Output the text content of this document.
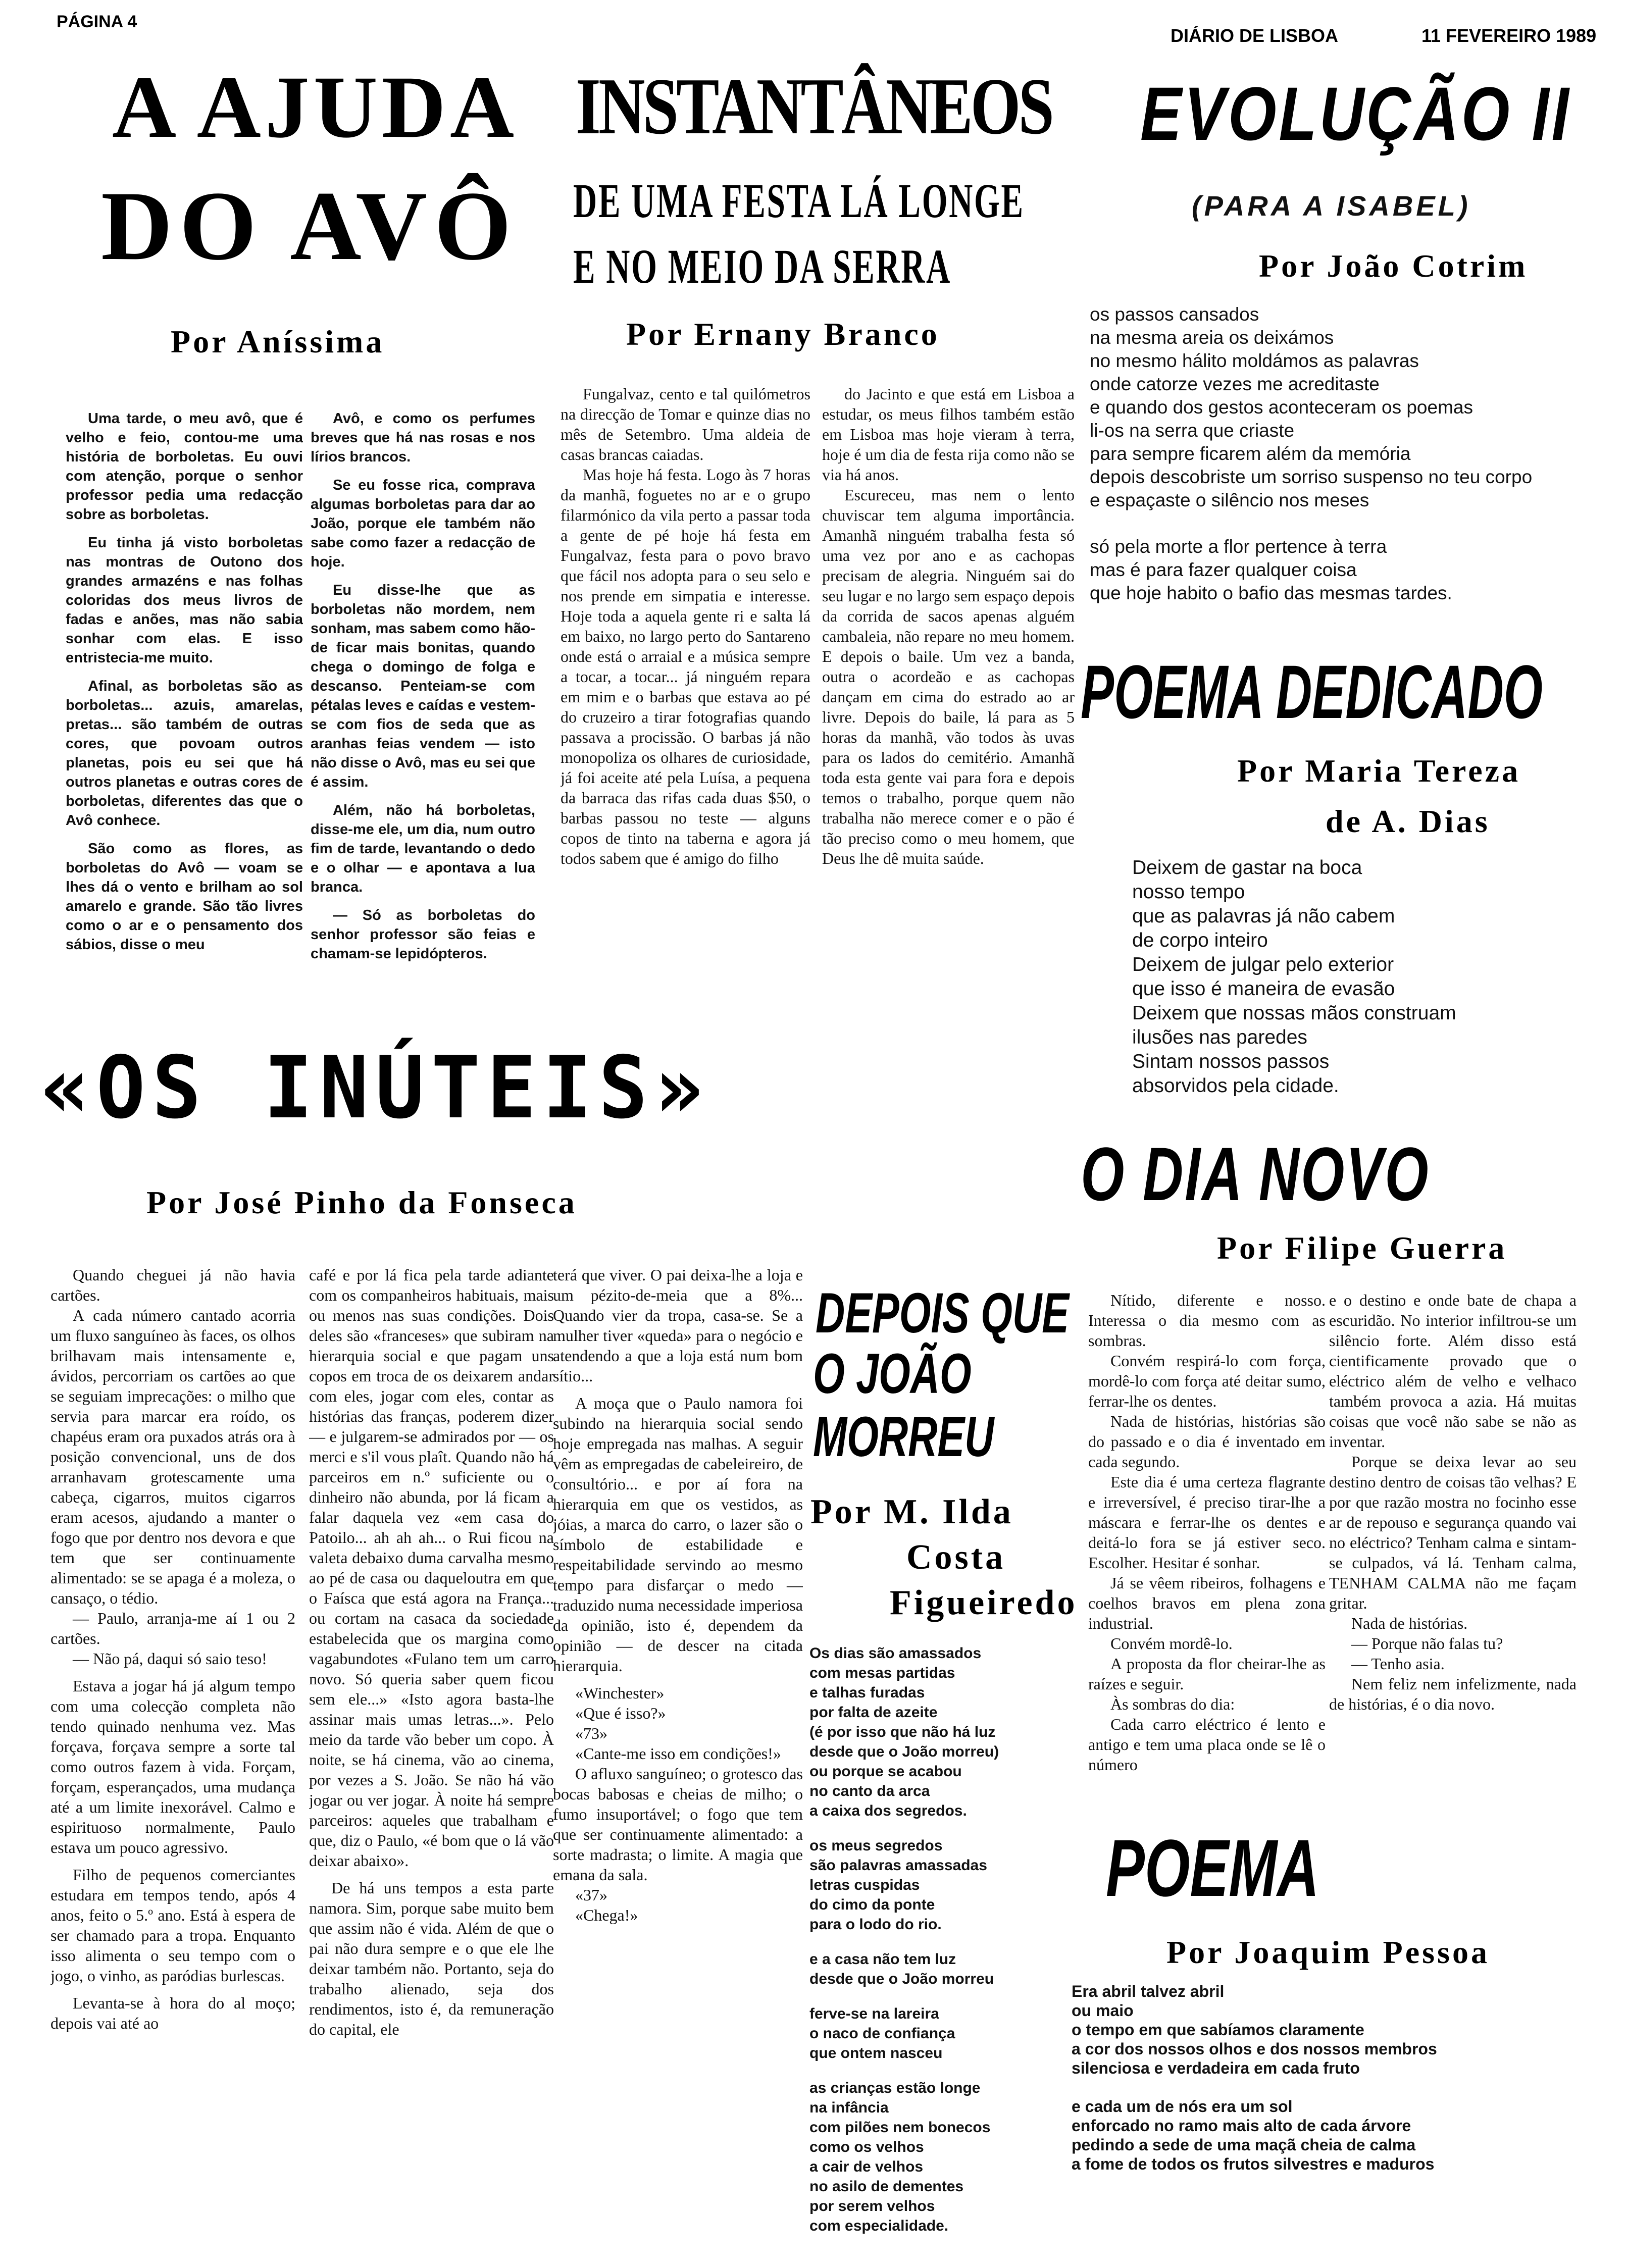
PÁGINA 4
DIÁRIO DE LISBOA	11 FEVEREIRO 1989
A AJUDA
DO AVÔ
Por Aníssima

Uma tarde, o meu avô, que é velho e feio, contou-me uma história de borboletas. Eu ouvi com atenção, porque o senhor professor pedia uma redacção sobre as borboletas.

Eu tinha já visto borboletas nas montras de Outono dos grandes armazéns e nas folhas coloridas dos meus livros de fadas e anões, mas não sabia sonhar com elas. E isso entristecia-me muito.

Afinal, as borboletas são as borboletas... azuis, amarelas, pretas... são também de outras cores, que povoam outros planetas, pois eu sei que há outros planetas e outras cores de borboletas, diferentes das que o Avô conhece.

São como as flores, as borboletas do Avô — voam se lhes dá o vento e brilham ao sol amarelo e grande. São tão livres como o ar e o pensamento dos sábios, disse o meu

Avô, e como os perfumes breves que há nas rosas e nos lírios brancos.

Se eu fosse rica, comprava algumas borboletas para dar ao João, porque ele também não sabe como fazer a redacção de hoje.

Eu disse-lhe que as borboletas não mordem, nem sonham, mas sabem como hão-de ficar mais bonitas, quando chega o domingo de folga e descanso. Penteiam-se com pétalas leves e caídas e vestem-se com fios de seda que as aranhas feias vendem — isto não disse o Avô, mas eu sei que é assim.

Além, não há borboletas, disse-me ele, um dia, num outro fim de tarde, levantando o dedo e o olhar — e apontava a lua branca.

— Só as borboletas do senhor professor são feias e chamam-se lepidópteros.

INSTANTÂNEOS
DE UMA FESTA LÁ LONGE
E NO MEIO DA SERRA
Por Ernany Branco

Fungalvaz, cento e tal quilómetros na direcção de Tomar e quinze dias no mês de Setembro. Uma aldeia de casas brancas caiadas.

Mas hoje há festa. Logo às 7 horas da manhã, foguetes no ar e o grupo filarmónico da vila perto a passar toda a gente de pé hoje há festa em Fungalvaz, festa para o povo bravo que fácil nos adopta para o seu selo e nos prende em simpatia e interesse. Hoje toda a aquela gente ri e salta lá em baixo, no largo perto do Santareno onde está o arraial e a música sempre a tocar, a tocar... já ninguém repara em mim e o barbas que estava ao pé do cruzeiro a tirar fotografias quando passava a procissão. O barbas já não monopoliza os olhares de curiosidade, já foi aceite até pela Luísa, a pequena da barraca das rifas cada duas $50, o barbas passou no teste — alguns copos de tinto na taberna e agora já todos sabem que é amigo do filho

do Jacinto e que está em Lisboa a estudar, os meus filhos também estão em Lisboa mas hoje vieram à terra, hoje é um dia de festa rija como não se via há anos.

Escureceu, mas nem o lento chuviscar tem alguma importância. Amanhã ninguém trabalha festa só uma vez por ano e as cachopas precisam de alegria. Ninguém sai do seu lugar e no largo sem espaço depois da corrida de sacos apenas alguém cambaleia, não repare no meu homem. E depois o baile. Um vez a banda, outra o acordeão e as cachopas dançam em cima do estrado ao ar livre. Depois do baile, lá para as 5 horas da manhã, vão todos às uvas para os lados do cemitério. Amanhã toda esta gente vai para fora e depois temos o trabalho, porque quem não trabalha não merece comer e o pão é tão preciso como o meu homem, que Deus lhe dê muita saúde.

EVOLUÇÃO II
(PARA A ISABEL)
Por João Cotrim
os passos cansados
na mesma areia os deixámos
no mesmo hálito moldámos as palavras
onde catorze vezes me acreditaste
e quando dos gestos aconteceram os poemas
li-os na serra que criaste
para sempre ficarem além da memória
depois descobriste um sorriso suspenso no teu corpo
e espaçaste o silêncio nos meses
só pela morte a flor pertence à terra
mas é para fazer qualquer coisa
que hoje habito o bafio das mesmas tardes.
POEMA DEDICADO
Por Maria Tereza
de A. Dias
Deixem de gastar na boca
nosso tempo
que as palavras já não cabem
de corpo inteiro
Deixem de julgar pelo exterior
que isso é maneira de evasão
Deixem que nossas mãos construam
ilusões nas paredes
Sintam nossos passos
absorvidos pela cidade.
«OS INÚTEIS»
Por José Pinho da Fonseca

Quando cheguei já não havia cartões.

A cada número cantado acorria um fluxo sanguíneo às faces, os olhos brilhavam mais intensamente e, ávidos, percorriam os cartões ao que se seguiam imprecações: o milho que servia para marcar era roído, os chapéus eram ora puxados atrás ora à posição convencional, uns de dos arranhavam grotescamente uma cabeça, cigarros, muitos cigarros eram acesos, ajudando a manter o fogo que por dentro nos devora e que tem que ser continuamente alimentado: se se apaga é a moleza, o cansaço, o tédio.

— Paulo, arranja-me aí 1 ou 2 cartões.

— Não pá, daqui só saio teso!

Estava a jogar há já algum tempo com uma colecção completa não tendo quinado nenhuma vez. Mas forçava, forçava sempre a sorte tal como outros fazem à vida. Forçam, forçam, esperançados, uma mudança até a um limite inexorável. Calmo e espirituoso normalmente, Paulo estava um pouco agressivo.

Filho de pequenos comerciantes estudara em tempos tendo, após 4 anos, feito o 5.º ano. Está à espera de ser chamado para a tropa. Enquanto isso alimenta o seu tempo com o jogo, o vinho, as paródias burlescas.

Levanta-se à hora do al moço; depois vai até ao

café e por lá fica pela tarde adiante com os companheiros habituais, mais ou menos nas suas condições. Dois deles são «franceses» que subiram na hierarquia social e que pagam uns copos em troca de os deixarem andar com eles, jogar com eles, contar as histórias das franças, poderem dizer — e julgarem-se admirados por — os merci e s'il vous plaît. Quando não há parceiros em n.º suficiente ou o dinheiro não abunda, por lá ficam a falar daquela vez «em casa do Patoilo... ah ah ah... o Rui ficou na valeta debaixo duma carvalha mesmo ao pé de casa ou daqueloutra em que o Faísca que está agora na França... ou cortam na casaca da sociedade estabelecida que os margina como vagabundotes «Fulano tem um carro novo. Só queria saber quem ficou sem ele...» «Isto agora basta-lhe assinar mais umas letras...». Pelo meio da tarde vão beber um copo. À noite, se há cinema, vão ao cinema, por vezes a S. João. Se não há vão jogar ou ver jogar. À noite há sempre parceiros: aqueles que trabalham e que, diz o Paulo, «é bom que o lá vão deixar abaixo».

De há uns tempos a esta parte namora. Sim, porque sabe muito bem que assim não é vida. Além de que o pai não dura sempre e o que ele lhe deixar também não. Portanto, seja do trabalho alienado, seja dos rendimentos, isto é, da remuneração do capital, ele

terá que viver. O pai deixa-lhe a loja e um pézito-de-meia que a 8%... Quando vier da tropa, casa-se. Se a mulher tiver «queda» para o negócio e atendendo a que a loja está num bom sítio...

A moça que o Paulo namora foi subindo na hierarquia social sendo hoje empregada nas malhas. A seguir vêm as empregadas de cabeleireiro, de consultório... e por aí fora na hierarquia em que os vestidos, as jóias, a marca do carro, o lazer são o símbolo de estabilidade e respeitabilidade servindo ao mesmo tempo para disfarçar o medo — traduzido numa necessidade imperiosa da opinião, isto é, dependem da opinião — de descer na citada hierarquia.

«Winchester»

«Que é isso?»

«73»

«Cante-me isso em condições!»

O afluxo sanguíneo; o grotesco das bocas babosas e cheias de milho; o fumo insuportável; o fogo que tem que ser continuamente alimentado: a sorte madrasta; o limite. A magia que emana da sala.

«37»

«Chega!»

DEPOIS QUE
O JOÃO
MORREU
Por M. Ilda
Costa
Figueiredo
Os dias são amassados
com mesas partidas
e talhas furadas
por falta de azeite
(é por isso que não há luz
desde que o João morreu)
ou porque se acabou
no canto da arca
a caixa dos segredos.
os meus segredos
são palavras amassadas
letras cuspidas
do cimo da ponte
para o lodo do rio.
e a casa não tem luz
desde que o João morreu
ferve-se na lareira
o naco de confiança
que ontem nasceu
as crianças estão longe
na infância
com pilões nem bonecos
como os velhos
a cair de velhos
no asilo de dementes
por serem velhos
com especialidade.
O DIA NOVO
Por Filipe Guerra

Nítido, diferente e nosso. Interessa o dia mesmo com as sombras.

Convém respirá-lo com força, mordê-lo com força até deitar sumo, ferrar-lhe os dentes.

Nada de histórias, histórias são do passado e o dia é inventado em cada segundo.

Este dia é uma certeza flagrante e irreversível, é preciso tirar-lhe a máscara e ferrar-lhe os dentes e deitá-lo fora se já estiver seco. Escolher. Hesitar é sonhar.

Já se vêem ribeiros, folhagens e coelhos bravos em plena zona industrial.

Convém mordê-lo.

A proposta da flor cheirar-lhe as raízes e seguir.

Às sombras do dia:

Cada carro eléctrico é lento e antigo e tem uma placa onde se lê o número

e o destino e onde bate de chapa a escuridão. No interior infiltrou-se um silêncio forte. Além disso está cientificamente provado que o eléctrico além de velho e velhaco também provoca a azia. Há muitas coisas que você não sabe se não as inventar.

Porque se deixa levar ao seu destino dentro de coisas tão velhas? E por que razão mostra no focinho esse ar de repouso e segurança quando vai no eléctrico? Tenham calma e sintam-se culpados, vá lá. Tenham calma, TENHAM CALMA não me façam gritar.

Nada de histórias.

— Porque não falas tu?

— Tenho asia.

Nem feliz nem infelizmente, nada de histórias, é o dia novo.

POEMA
Por Joaquim Pessoa
Era abril talvez abril
ou maio
o tempo em que sabíamos claramente
a cor dos nossos olhos e dos nossos membros
silenciosa e verdadeira em cada fruto
e cada um de nós era um sol
enforcado no ramo mais alto de cada árvore
pedindo a sede de uma maçã cheia de calma
a fome de todos os frutos silvestres e maduros
